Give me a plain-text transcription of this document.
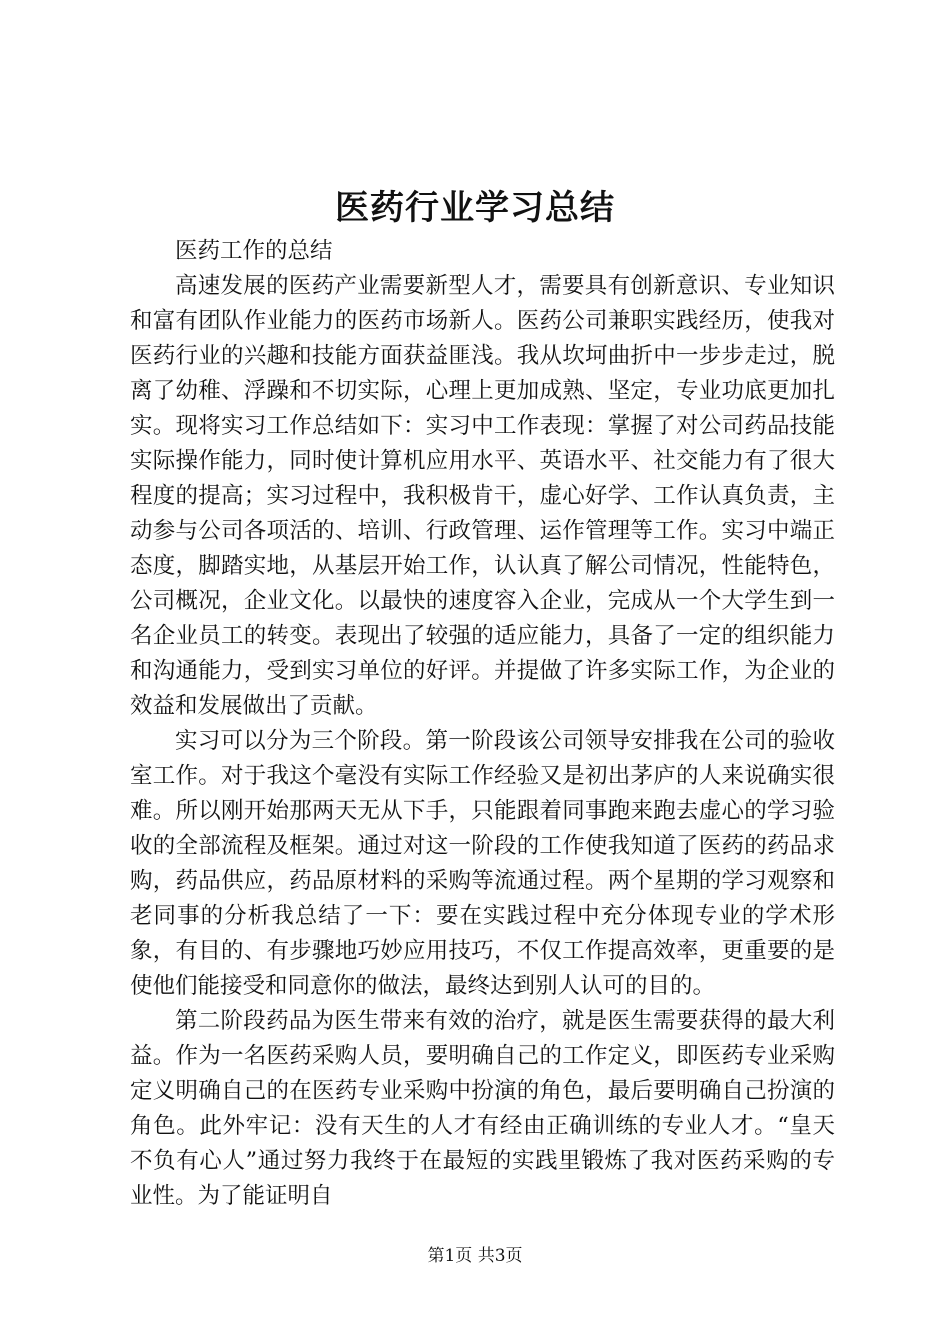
医药行业学习总结

医药工作的总结

高速发展的医药产业需要新型人才，需要具有创新意识、专业知识和富有团队作业能力的医药市场新人。医药公司兼职实践经历，使我对医药行业的兴趣和技能方面获益匪浅。我从坎坷曲折中一步步走过，脱离了幼稚、浮躁和不切实际，心理上更加成熟、坚定，专业功底更加扎实。现将实习工作总结如下：实习中工作表现：掌握了对公司药品技能实际操作能力，同时使计算机应用水平、英语水平、社交能力有了很大程度的提高；实习过程中，我积极肯干，虚心好学、工作认真负责，主动参与公司各项活的、培训、行政管理、运作管理等工作。实习中端正态度，脚踏实地，从基层开始工作，认认真了解公司情况，性能特色，公司概况，企业文化。以最快的速度容入企业，完成从一个大学生到一名企业员工的转变。表现出了较强的适应能力，具备了一定的组织能力和沟通能力，受到实习单位的好评。并提做了许多实际工作，为企业的效益和发展做出了贡献。

实习可以分为三个阶段。第一阶段该公司领导安排我在公司的验收室工作。对于我这个毫没有实际工作经验又是初出茅庐的人来说确实很难。所以刚开始那两天无从下手，只能跟着同事跑来跑去虚心的学习验收的全部流程及框架。通过对这一阶段的工作使我知道了医药的药品求购，药品供应，药品原材料的采购等流通过程。两个星期的学习观察和老同事的分析我总结了一下：要在实践过程中充分体现专业的学术形象，有目的、有步骤地巧妙应用技巧，不仅工作提高效率，更重要的是使他们能接受和同意你的做法，最终达到别人认可的目的。

第二阶段药品为医生带来有效的治疗，就是医生需要获得的最大利益。作为一名医药采购人员，要明确自己的工作定义，即医药专业采购定义明确自己的在医药专业采购中扮演的角色，最后要明确自己扮演的角色。此外牢记：没有天生的人才有经由正确训练的专业人才。“皇天不负有心人”通过努力我终于在最短的实践里锻炼了我对医药采购的专业性。为了能证明自

第1页 共3页
